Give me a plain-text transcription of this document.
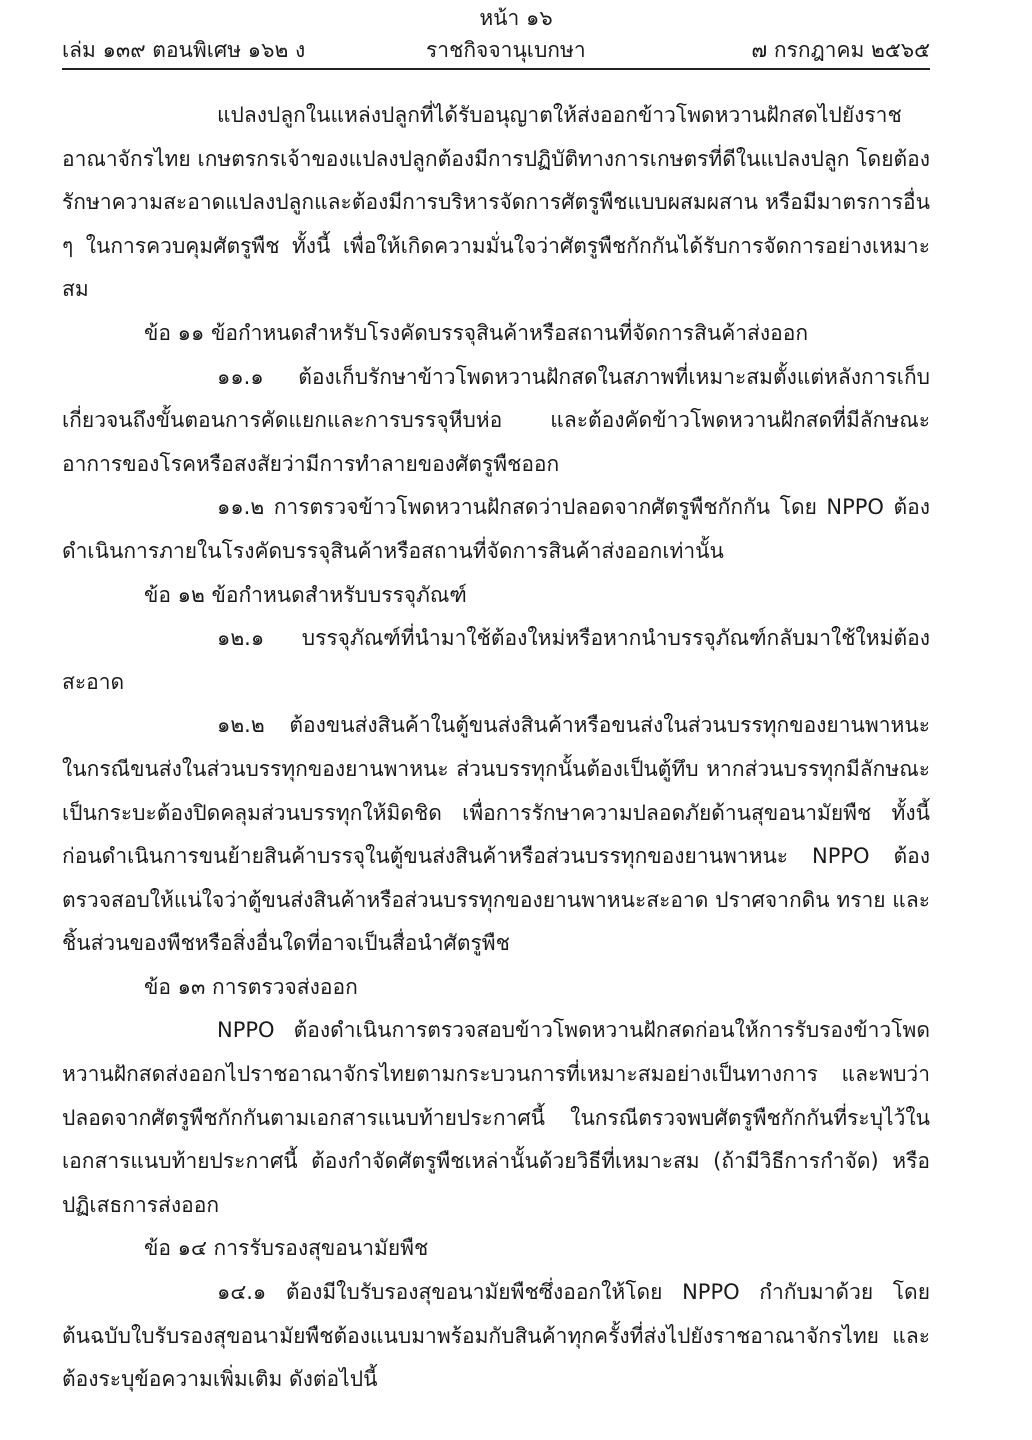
หน้า ๑๖
เล่ม ๑๓๙ ตอนพิเศษ ๑๖๒ ง	ราชกิจจานุเบกษา	๗ กรกฎาคม ๒๕๖๕

แปลงปลูกในแหล่งปลูกที่ได้รับอนุญาตให้ส่งออกข้าวโพดหวานฝักสดไปยังราชอาณาจักรไทย เกษตรกรเจ้าของแปลงปลูกต้องมีการปฏิบัติทางการเกษตรที่ดีในแปลงปลูก โดยต้องรักษาความสะอาดแปลงปลูกและต้องมีการบริหารจัดการศัตรูพืชแบบผสมผสาน หรือมีมาตรการอื่น ๆ ในการควบคุมศัตรูพืช ทั้งนี้ เพื่อให้เกิดความมั่นใจว่าศัตรูพืชกักกันได้รับการจัดการอย่างเหมาะสม

ข้อ ๑๑ ข้อกำหนดสำหรับโรงคัดบรรจุสินค้าหรือสถานที่จัดการสินค้าส่งออก

๑๑.๑ ต้องเก็บรักษาข้าวโพดหวานฝักสดในสภาพที่เหมาะสมตั้งแต่หลังการเก็บเกี่ยวจนถึงขั้นตอนการคัดแยกและการบรรจุหีบห่อ และต้องคัดข้าวโพดหวานฝักสดที่มีลักษณะอาการของโรคหรือสงสัยว่ามีการทำลายของศัตรูพืชออก

๑๑.๒ การตรวจข้าวโพดหวานฝักสดว่าปลอดจากศัตรูพืชกักกัน โดย NPPO ต้องดำเนินการภายในโรงคัดบรรจุสินค้าหรือสถานที่จัดการสินค้าส่งออกเท่านั้น

ข้อ ๑๒ ข้อกำหนดสำหรับบรรจุภัณฑ์

๑๒.๑ บรรจุภัณฑ์ที่นำมาใช้ต้องใหม่หรือหากนำบรรจุภัณฑ์กลับมาใช้ใหม่ต้องสะอาด

๑๒.๒ ต้องขนส่งสินค้าในตู้ขนส่งสินค้าหรือขนส่งในส่วนบรรทุกของยานพาหนะ ในกรณีขนส่งในส่วนบรรทุกของยานพาหนะ ส่วนบรรทุกนั้นต้องเป็นตู้ทึบ หากส่วนบรรทุกมีลักษณะเป็นกระบะต้องปิดคลุมส่วนบรรทุกให้มิดชิด เพื่อการรักษาความปลอดภัยด้านสุขอนามัยพืช ทั้งนี้ ก่อนดำเนินการขนย้ายสินค้าบรรจุในตู้ขนส่งสินค้าหรือส่วนบรรทุกของยานพาหนะ NPPO ต้องตรวจสอบให้แน่ใจว่าตู้ขนส่งสินค้าหรือส่วนบรรทุกของยานพาหนะสะอาด ปราศจากดิน ทราย และชิ้นส่วนของพืชหรือสิ่งอื่นใดที่อาจเป็นสื่อนำศัตรูพืช

ข้อ ๑๓ การตรวจส่งออก

NPPO ต้องดำเนินการตรวจสอบข้าวโพดหวานฝักสดก่อนให้การรับรองข้าวโพดหวานฝักสดส่งออกไปราชอาณาจักรไทยตามกระบวนการที่เหมาะสมอย่างเป็นทางการ และพบว่าปลอดจากศัตรูพืชกักกันตามเอกสารแนบท้ายประกาศนี้ ในกรณีตรวจพบศัตรูพืชกักกันที่ระบุไว้ในเอกสารแนบท้ายประกาศนี้ ต้องกำจัดศัตรูพืชเหล่านั้นด้วยวิธีที่เหมาะสม (ถ้ามีวิธีการกำจัด) หรือปฏิเสธการส่งออก

ข้อ ๑๔ การรับรองสุขอนามัยพืช

๑๔.๑ ต้องมีใบรับรองสุขอนามัยพืชซึ่งออกให้โดย NPPO กำกับมาด้วย โดยต้นฉบับใบรับรองสุขอนามัยพืชต้องแนบมาพร้อมกับสินค้าทุกครั้งที่ส่งไปยังราชอาณาจักรไทย และต้องระบุข้อความเพิ่มเติม ดังต่อไปนี้
